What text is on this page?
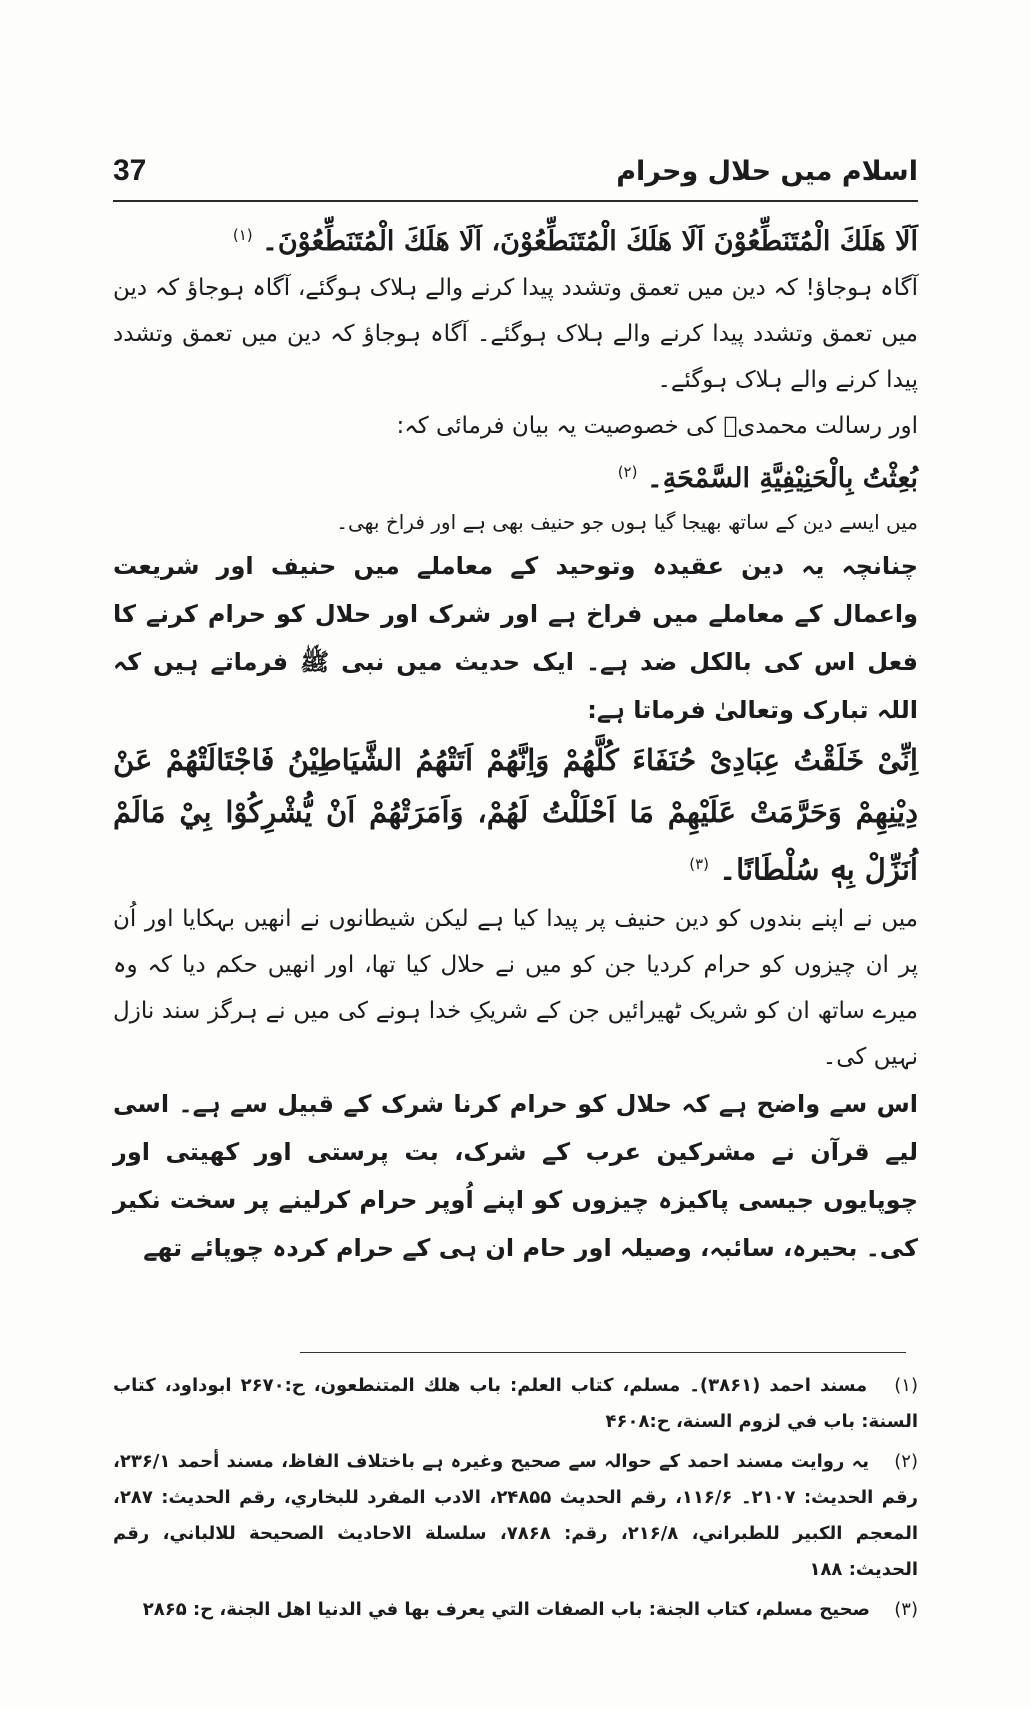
اسلام میں حلال وحرام
37

اَلَا هَلَكَ الْمُتَنَطِّعُوْنَ اَلَا هَلَكَ الْمُتَنَطِّعُوْنَ، اَلَا هَلَكَ الْمُتَنَطِّعُوْنَ۔ $^{(۱)}$

آگاہ ہوجاؤ! کہ دین میں تعمق وتشدد پیدا کرنے والے ہلاک ہوگئے، آگاہ ہوجاؤ کہ دین میں تعمق وتشدد پیدا کرنے والے ہلاک ہوگئے۔ آگاہ ہوجاؤ کہ دین میں تعمق وتشدد پیدا کرنے والے ہلاک ہوگئے۔

اور رسالت محمدیؐ کی خصوصیت یہ بیان فرمائی کہ:

بُعِثْتُ بِالْحَنِيْفِيَّةِ السَّمْحَةِ۔ $^{(۲)}$

میں ایسے دین کے ساتھ بھیجا گیا ہوں جو حنیف بھی ہے اور فراخ بھی۔

چنانچہ یہ دین عقیدہ وتوحید کے معاملے میں حنیف اور شریعت واعمال کے معاملے میں فراخ ہے اور شرک اور حلال کو حرام کرنے کا فعل اس کی بالکل ضد ہے۔ ایک حدیث میں نبی ﷺ فرماتے ہیں کہ اللہ تبارک وتعالیٰ فرماتا ہے:

اِنِّیْ خَلَقْتُ عِبَادِیْ حُنَفَاءَ كُلَّهُمْ وَاِنَّهُمْ اَتَتْهُمُ الشَّيَاطِيْنُ فَاجْتَالَتْهُمْ عَنْ دِيْنِهِمْ وَحَرَّمَتْ عَلَيْهِمْ مَا اَحْلَلْتُ لَهُمْ، وَاَمَرَتْهُمْ اَنْ يُّشْرِكُوْا بِيْ مَالَمْ اُنَزِّلْ بِهٖ سُلْطَانًا۔ $^{(۳)}$

میں نے اپنے بندوں کو دین حنیف پر پیدا کیا ہے لیکن شیطانوں نے انھیں بہکایا اور اُن پر ان چیزوں کو حرام کردیا جن کو میں نے حلال کیا تھا، اور انھیں حکم دیا کہ وہ میرے ساتھ ان کو شریک ٹھیرائیں جن کے شریکِ خدا ہونے کی میں نے ہرگز سند نازل نہیں کی۔

اس سے واضح ہے کہ حلال کو حرام کرنا شرک کے قبیل سے ہے۔ اسی لیے قرآن نے مشرکین عرب کے شرک، بت پرستی اور کھیتی اور چوپایوں جیسی پاکیزہ چیزوں کو اپنے اُوپر حرام کرلینے پر سخت نکیر کی۔ بحیرہ، سائبہ، وصیلہ اور حام ان ہی کے حرام کردہ چوپائے تھے

(۱) مسند احمد (۳۸۶۱)۔ مسلم، کتاب العلم: باب هلك المتنطعون، ح:۲۶۷۰ ابوداود، کتاب السنة: باب في لزوم السنة، ح:۴۶۰۸

(۲) یہ روایت مسند احمد کے حوالہ سے صحیح وغیرہ ہے باختلاف الفاظ، مسند أحمد ۲۳۶/۱، رقم الحدیث: ۲۱۰۷۔ ۱۱۶/۶، رقم الحدیث ۲۴۸۵۵، الادب المفرد للبخاري، رقم الحدیث: ۲۸۷، المعجم الکبیر للطبراني، ۲۱۶/۸، رقم: ۷۸۶۸، سلسلة الاحادیث الصحیحة للالباني، رقم الحدیث: ۱۸۸

(۳) صحیح مسلم، کتاب الجنة: باب الصفات التي یعرف بها في الدنیا اهل الجنة، ح: ۲۸۶۵
